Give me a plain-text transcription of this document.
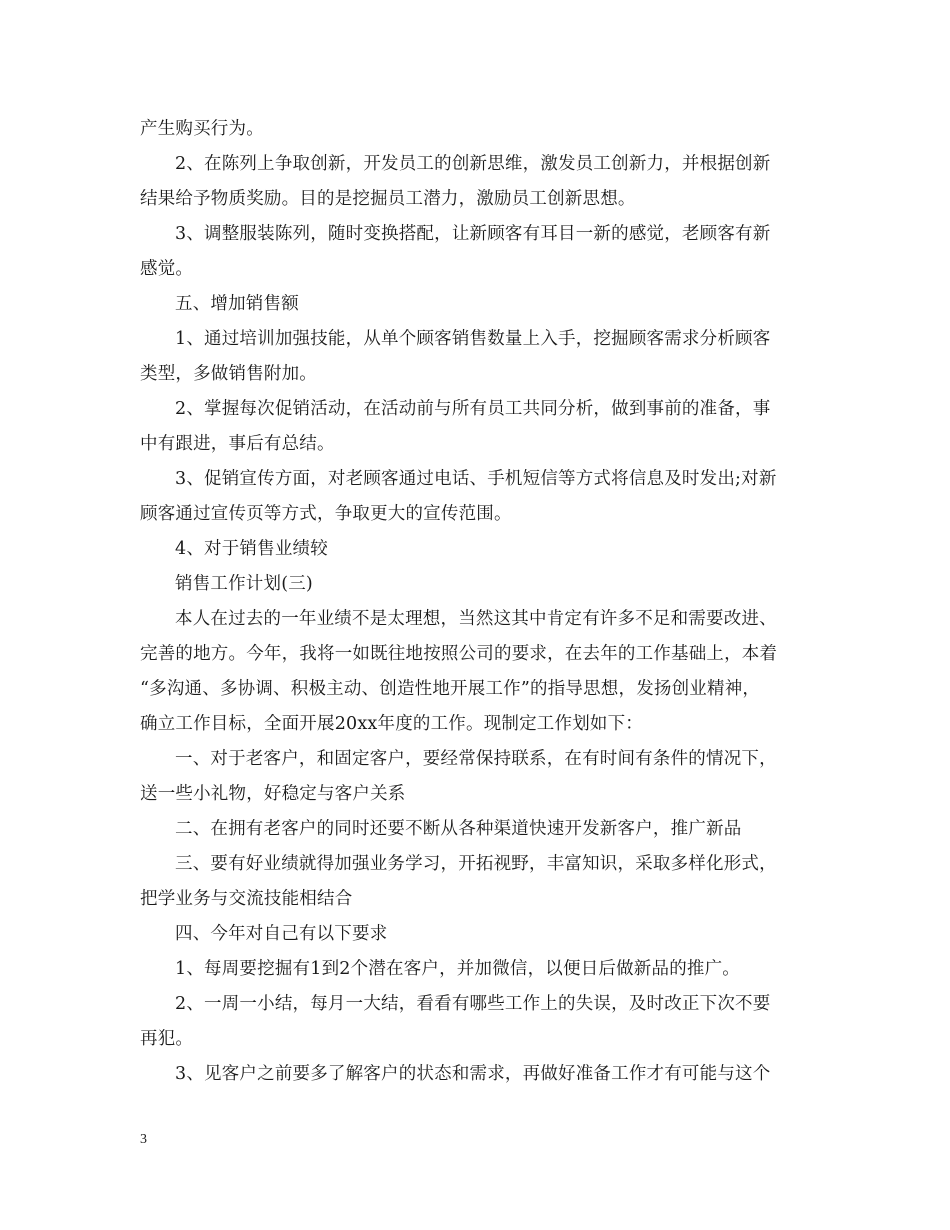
产生购买行为。
2、在陈列上争取创新，开发员工的创新思维，激发员工创新力，并根据创新
结果给予物质奖励。目的是挖掘员工潜力，激励员工创新思想。
3、调整服装陈列，随时变换搭配，让新顾客有耳目一新的感觉，老顾客有新
感觉。
五、增加销售额
1、通过培训加强技能，从单个顾客销售数量上入手，挖掘顾客需求分析顾客
类型，多做销售附加。
2、掌握每次促销活动，在活动前与所有员工共同分析，做到事前的准备，事
中有跟进，事后有总结。
3、促销宣传方面，对老顾客通过电话、手机短信等方式将信息及时发出;对新
顾客通过宣传页等方式，争取更大的宣传范围。
4、对于销售业绩较
销售工作计划(三)
本人在过去的一年业绩不是太理想，当然这其中肯定有许多不足和需要改进、
完善的地方。今年，我将一如既往地按照公司的要求，在去年的工作基础上，本着
“多沟通、多协调、积极主动、创造性地开展工作”的指导思想，发扬创业精神，
确立工作目标，全面开展20xx年度的工作。现制定工作划如下：
一、对于老客户，和固定客户，要经常保持联系，在有时间有条件的情况下，
送一些小礼物，好稳定与客户关系
二、在拥有老客户的同时还要不断从各种渠道快速开发新客户，推广新品
三、要有好业绩就得加强业务学习，开拓视野，丰富知识，采取多样化形式，
把学业务与交流技能相结合
四、今年对自己有以下要求
1、每周要挖掘有1到2个潜在客户，并加微信，以便日后做新品的推广。
2、一周一小结，每月一大结，看看有哪些工作上的失误，及时改正下次不要
再犯。
3、见客户之前要多了解客户的状态和需求，再做好准备工作才有可能与这个
3
